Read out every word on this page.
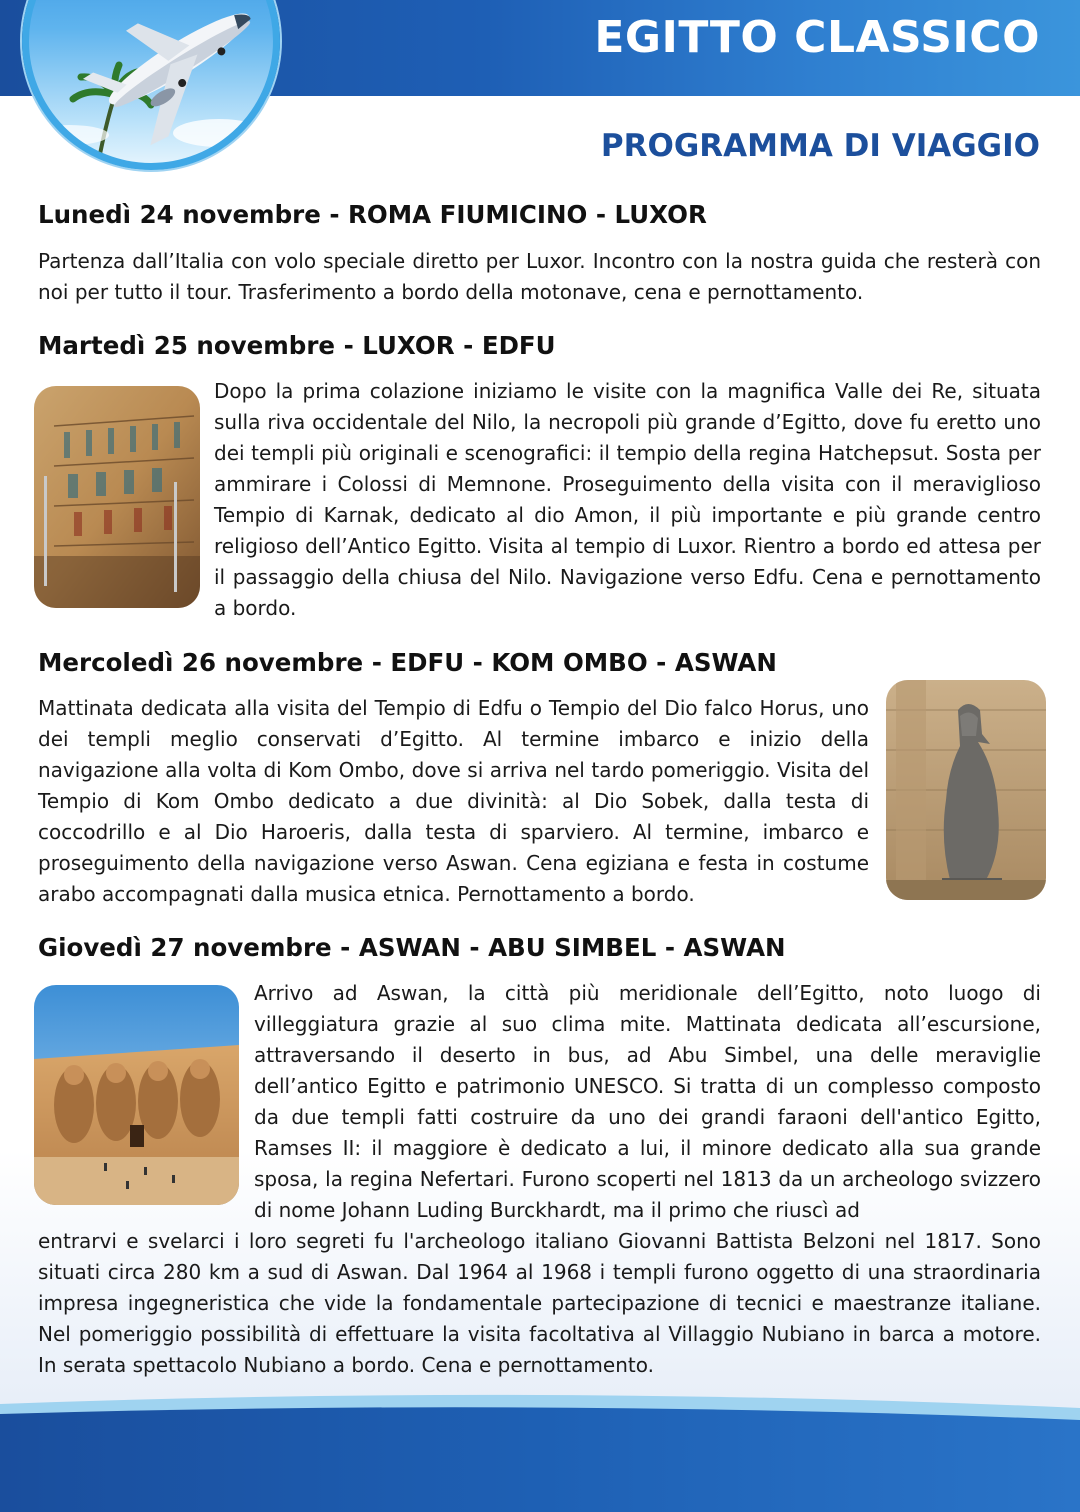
EGITTO CLASSICO
PROGRAMMA DI VIAGGIO
Lunedì 24 novembre - ROMA FIUMICINO - LUXOR

Partenza dall’Italia con volo speciale diretto per Luxor. Incontro con la nostra guida che resterà con noi per tutto il tour. Trasferimento a bordo della motonave, cena e pernottamento.

Martedì 25 novembre - LUXOR - EDFU

Dopo la prima colazione iniziamo le visite con la magnifica Valle dei Re, situata sulla riva occidentale del Nilo, la necropoli più grande d’Egitto, dove fu eretto uno dei templi più originali e scenografici: il tempio della regina Hatchepsut. Sosta per ammirare i Colossi di Memnone. Proseguimento della visita con il meraviglioso Tempio di Karnak, dedicato al dio Amon, il più importante e più grande centro religioso dell’Antico Egitto. Visita al tempio di Luxor. Rientro a bordo ed attesa per il passaggio della chiusa del Nilo. Navigazione verso Edfu. Cena e pernottamento a bordo.

Mercoledì 26 novembre - EDFU - KOM OMBO - ASWAN

Mattinata dedicata alla visita del Tempio di Edfu o Tempio del Dio falco Horus, uno dei templi meglio conservati d’Egitto. Al termine imbarco e inizio della navigazione alla volta di Kom Ombo, dove si arriva nel tardo pomeriggio. Visita del Tempio di Kom Ombo dedicato a due divinità: al Dio Sobek, dalla testa di coccodrillo e al Dio Haroeris, dalla testa di sparviero. Al termine, imbarco e proseguimento della navigazione verso Aswan. Cena egiziana e festa in costume arabo accompagnati dalla musica etnica. Pernottamento a bordo.

Giovedì 27 novembre - ASWAN - ABU SIMBEL - ASWAN

Arrivo ad Aswan, la città più meridionale dell’Egitto, noto luogo di villeggiatura grazie al suo clima mite. Mattinata dedicata all’escursione, attraversando il deserto in bus, ad Abu Simbel, una delle meraviglie dell’antico Egitto e patrimonio UNESCO. Si tratta di un complesso composto da due templi fatti costruire da uno dei grandi faraoni dell'antico Egitto, Ramses II: il maggiore è dedicato a lui, il minore dedicato alla sua grande sposa, la regina Nefertari. Furono scoperti nel 1813 da un archeologo svizzero di nome Johann Luding Burckhardt, ma il primo che riuscì ad

entrarvi e svelarci i loro segreti fu l'archeologo italiano Giovanni Battista Belzoni nel 1817. Sono situati circa 280 km a sud di Aswan. Dal 1964 al 1968 i templi furono oggetto di una straordinaria impresa ingegneristica che vide la fondamentale partecipazione di tecnici e maestranze italiane. Nel pomeriggio possibilità di effettuare la visita facoltativa al Villaggio Nubiano in barca a motore. In serata spettacolo Nubiano a bordo. Cena e pernottamento.
